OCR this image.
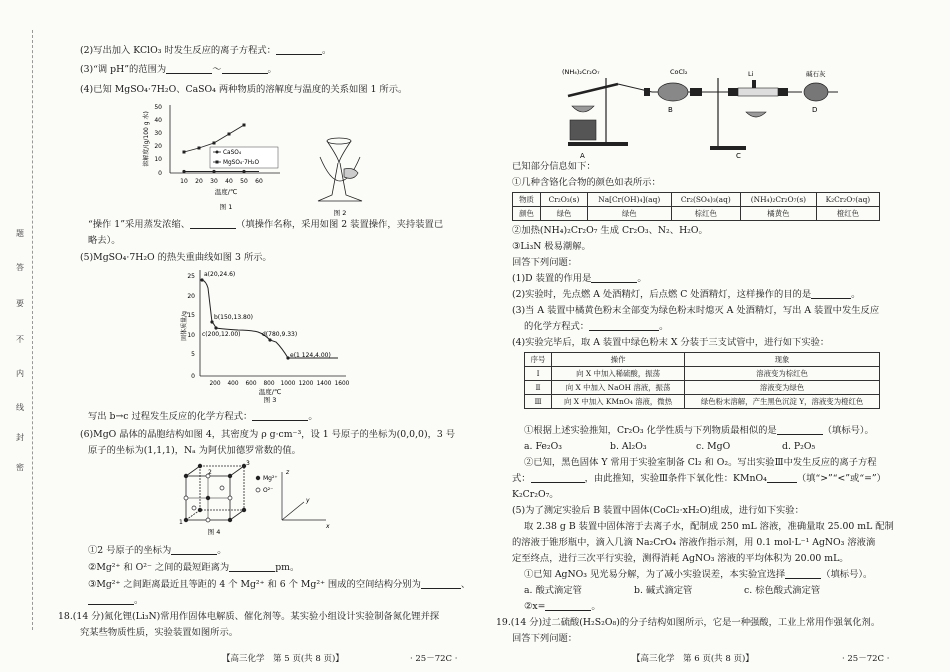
题
答
要
不
内
线
封
密
(2)写出加入 KClO₃ 时发生反应的离子方程式：	。
(3)“调 pH”的范围为	～	。
(4)已知 MgSO₄·7H₂O、CaSO₄ 两种物质的溶解度与温度的关系如图 1 所示。
50
40
30
20
10
0
10 20 30 40 50 60
温度/℃
溶解度/(g/100 g 水)	CaSO₄
MgSO₄·7H₂O
图 1
图 2
“操作 1”采用蒸发浓缩、	（填操作名称，采用如图 2 装置操作，夹持装置已
略去）。
(5)MgSO₄·7H₂O 的热失重曲线如图 3 所示。
25
20
15
10
5
0
200 400 600 800 1000 1200 1400 1600
温度/℃
固体质量/g
a(20,24.6)
b(150,13.80)
c(200,12.00)	d(780,9.33)
e(1 124,4.00)
图 3
写出 b→c 过程发生反应的化学方程式：	。
(6)MgO 晶体的晶胞结构如图 4，其密度为 ρ g·cm⁻³，设 1 号原子的坐标为(0,0,0)，3 号
原子的坐标为(1,1,1)，Nₐ 为阿伏加德罗常数的值。
1
2
3
Mg²⁺
O²⁻
z
y
x
图 4
①2 号原子的坐标为	。
②Mg²⁺ 和 O²⁻ 之间的最短距离为	pm。
③Mg²⁺ 之间距离最近且等距的 4 个 Mg²⁺ 和 6 个 Mg²⁺ 围成的空间结构分别为	、
。
18.(14 分)氮化锂(Li₃N)常用作固体电解质、催化剂等。某实验小组设计实验制备氮化锂并探
究某些物质性质，实验装置如图所示。
【高三化学　第 5 页(共 8 页)】	· 25－72C ·
(NH₄)₂Cr₂O₇	CoCl₂	Li	碱石灰
A
B
C
D
已知部分信息如下：
①几种含铬化合物的颜色如表所示：
物质	Cr₂O₃(s)	Na[Cr(OH)₄](aq)	Cr₂(SO₄)₃(aq)	(NH₄)₂Cr₂O₇(s)	K₂Cr₂O₇(aq)
颜色	绿色	绿色	棕红色	橘黄色	橙红色
②加热(NH₄)₂Cr₂O₇ 生成 Cr₂O₃、N₂、H₂O。
③Li₃N 极易潮解。
回答下列问题：
(1)D 装置的作用是	。
(2)实验时，先点燃 A 处酒精灯，后点燃 C 处酒精灯，这样操作的目的是	。
(3)当 A 装置中橘黄色粉末全部变为绿色粉末时熄灭 A 处酒精灯，写出 A 装置中发生反应
的化学方程式：	。
(4)实验完毕后，取 A 装置中绿色粉末 X 分装于三支试管中，进行如下实验：
序号	操作	现象
Ⅰ	向 X 中加入稀硫酸，振荡	溶液变为棕红色
Ⅱ	向 X 中加入 NaOH 溶液，振荡	溶液变为绿色
Ⅲ	向 X 中加入 KMnO₄ 溶液，微热	绿色粉末溶解，产生黑色沉淀 Y，溶液变为橙红色
①根据上述实验推知，Cr₂O₃ 化学性质与下列物质最相似的是	（填标号）。
a. Fe₂O₃	b. Al₂O₃	c. MgO	d. P₂O₅
②已知，黑色固体 Y 常用于实验室制备 Cl₂ 和 O₂。写出实验Ⅲ中发生反应的离子方程
式：	，由此推知，实验Ⅲ条件下氧化性：KMnO₄	（填“>”“<”或“=”）
K₂Cr₂O₇。
(5)为了测定实验后 B 装置中固体(CoCl₂·xH₂O)组成，进行如下实验：
取 2.38 g B 装置中固体溶于去离子水，配制成 250 mL 溶液，准确量取 25.00 mL 配制
的溶液于锥形瓶中，滴入几滴 Na₂CrO₄ 溶液作指示剂，用 0.1 mol·L⁻¹ AgNO₃ 溶液滴
定至终点，进行三次平行实验，测得消耗 AgNO₃ 溶液的平均体积为 20.00 mL。
①已知 AgNO₃ 见光易分解，为了减小实验误差，本实验宜选择	（填标号）。
a. 酸式滴定管	b. 碱式滴定管	c. 棕色酸式滴定管
②x=	。
19.(14 分)过二硫酸(H₂S₂O₈)的分子结构如图所示，它是一种强酸，工业上常用作强氧化剂。
回答下列问题：
【高三化学　第 6 页(共 8 页)】	· 25－72C ·
